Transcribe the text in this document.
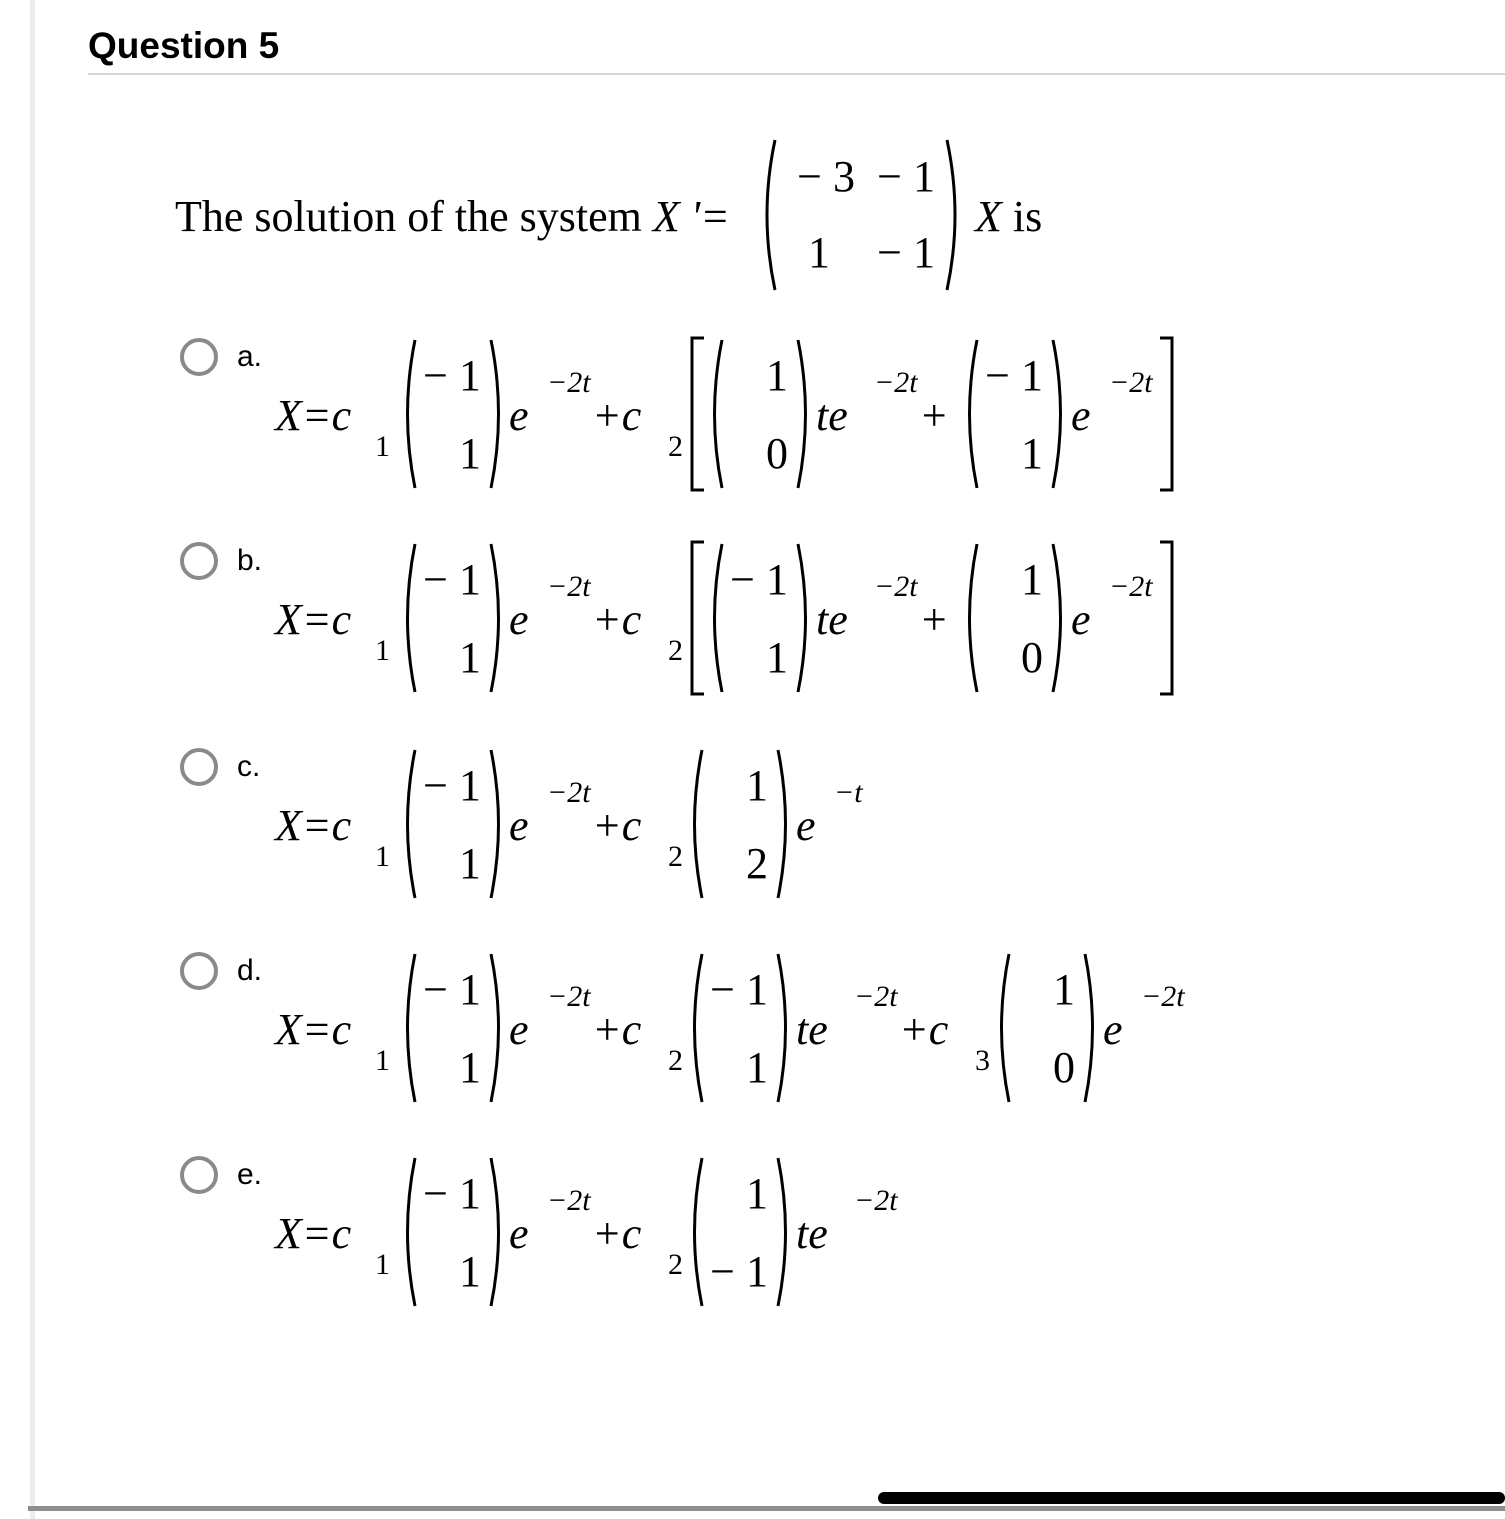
Question 5
The solution of the system X '=
− 3 − 1
1 − 1
X is
a.
X=c
1
− 1
1
e
−2t
+c
2
1
0
te
−2t
+
− 1
1
e
−2t
b.
X=c
1
− 1
1
e
−2t
+c
2
− 1
1
te
−2t
+
1
0
e
−2t
c.
X=c
1
− 1
1
e
−2t
+c
2
1
2
e
−t
d.
X=c
1
− 1
1
e
−2t
+c
2
− 1
1
te
−2t
+c
3
1
0
e
−2t
e.
X=c
1
− 1
1
e
−2t
+c
2
1
− 1
te
−2t
